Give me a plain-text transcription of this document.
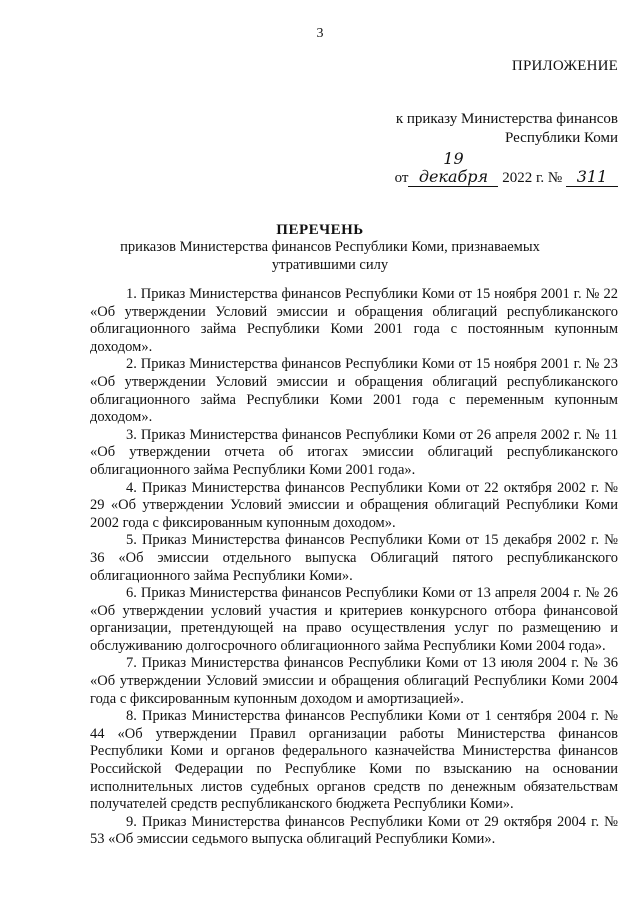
3
ПРИЛОЖЕНИЕ
к приказу Министерства финансов
Республики Коми
от19 декабря 2022 г. № 311
ПЕРЕЧЕНЬ
приказов Министерства финансов Республики Коми, признаваемых утратившими силу

1. Приказ Министерства финансов Республики Коми от 15 ноября 2001 г. № 22 «Об утверждении Условий эмиссии и обращения облигаций республиканского облигационного займа Республики Коми 2001 года с постоянным купонным доходом».

2. Приказ Министерства финансов Республики Коми от 15 ноября 2001 г. № 23 «Об утверждении Условий эмиссии и обращения облигаций республиканского облигационного займа Республики Коми 2001 года с переменным купонным доходом».

3. Приказ Министерства финансов Республики Коми от 26 апреля 2002 г. № 11 «Об утверждении отчета об итогах эмиссии облигаций республиканского облигационного займа Республики Коми 2001 года».

4. Приказ Министерства финансов Республики Коми от 22 октября 2002 г. № 29 «Об утверждении Условий эмиссии и обращения облигаций Республики Коми 2002 года с фиксированным купонным доходом».

5. Приказ Министерства финансов Республики Коми от 15 декабря 2002 г. № 36 «Об эмиссии отдельного выпуска Облигаций пятого республиканского облигационного займа Республики Коми».

6. Приказ Министерства финансов Республики Коми от 13 апреля 2004 г. № 26 «Об утверждении условий участия и критериев конкурсного отбора финансовой организации, претендующей на право осуществления услуг по размещению и обслуживанию долгосрочного облигационного займа Республики Коми 2004 года».

7. Приказ Министерства финансов Республики Коми от 13 июля 2004 г. № 36 «Об утверждении Условий эмиссии и обращения облигаций Республики Коми 2004 года с фиксированным купонным доходом и амортизацией».

8. Приказ Министерства финансов Республики Коми от 1 сентября 2004 г. № 44 «Об утверждении Правил организации работы Министерства финансов Республики Коми и органов федерального казначейства Министерства финансов Российской Федерации по Республике Коми по взысканию на основании исполнительных листов судебных органов средств по денежным обязательствам получателей средств республиканского бюджета Республики Коми».

9. Приказ Министерства финансов Республики Коми от 29 октября 2004 г. № 53 «Об эмиссии седьмого выпуска облигаций Республики Коми».
